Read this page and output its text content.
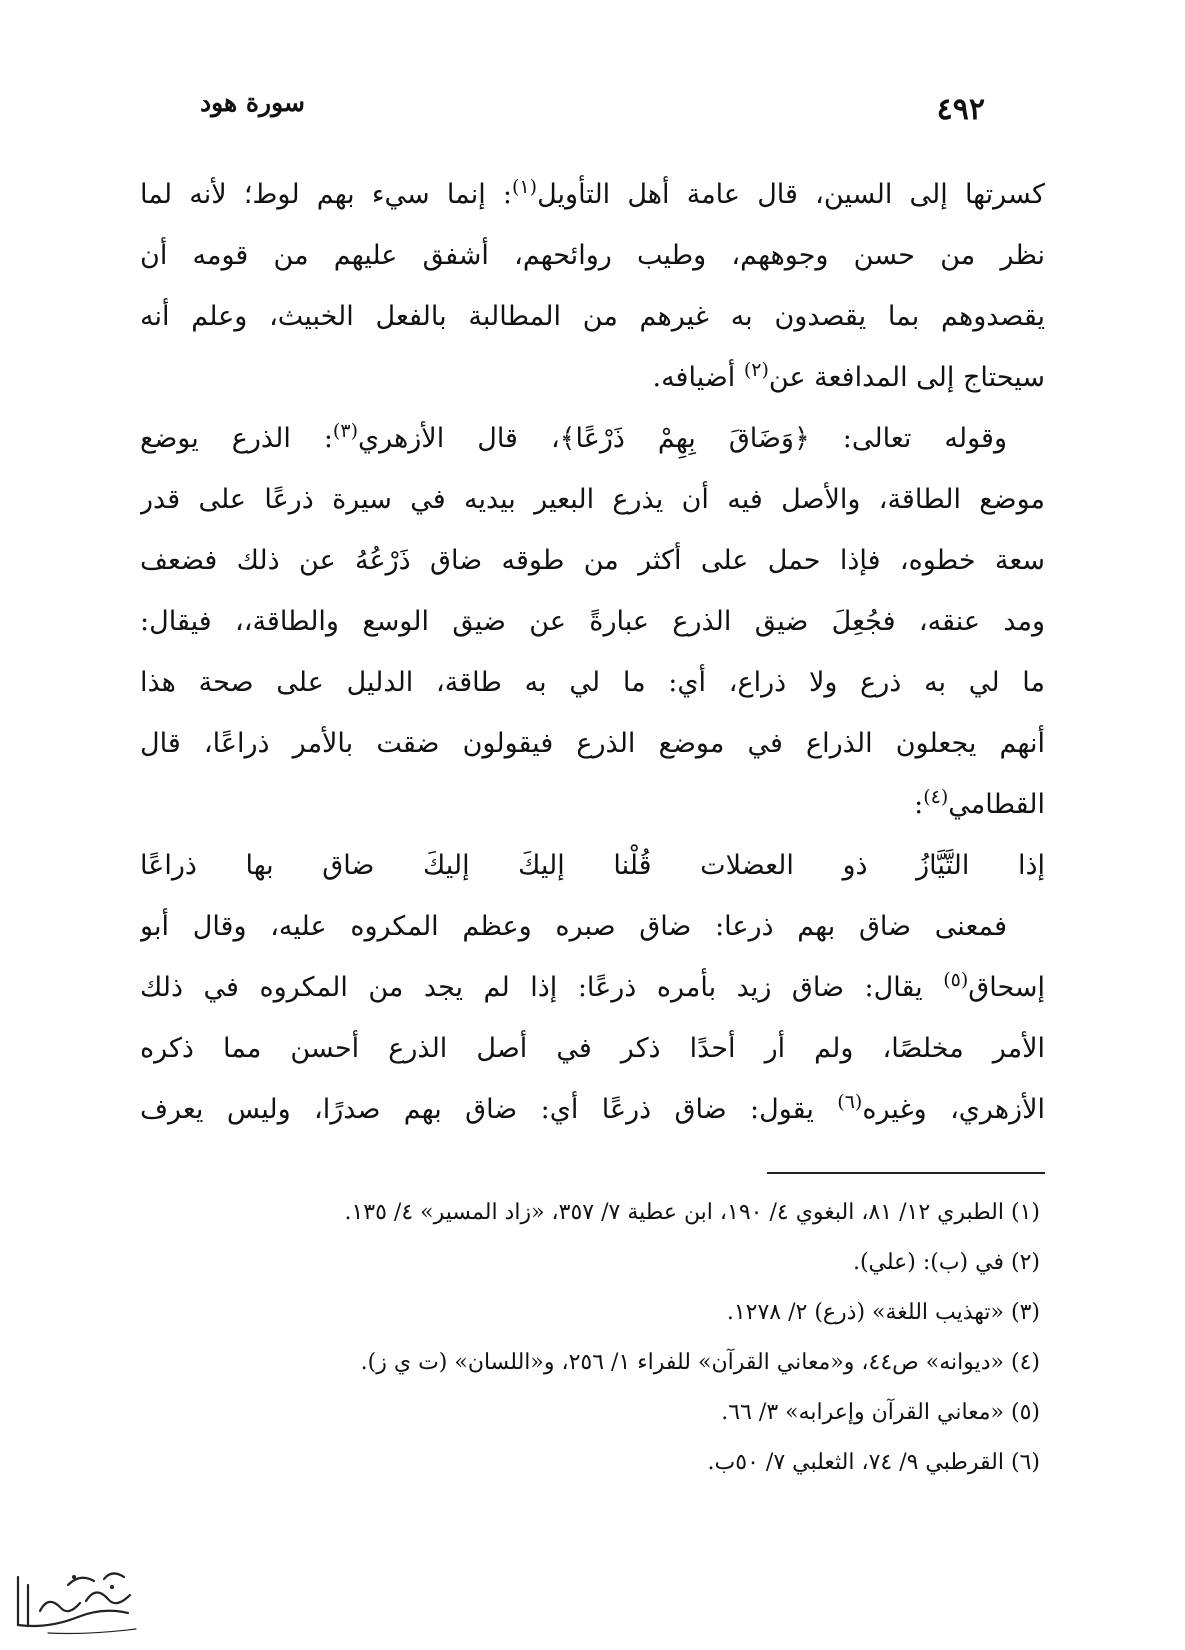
٤٩٢
سورة هود
كسرتها إلى السين، قال عامة أهل التأويل$^{(١)}$: إنما سيء بهم لوط؛ لأنه لما
نظر من حسن وجوههم، وطيب روائحهم، أشفق عليهم من قومه أن
يقصدوهم بما يقصدون به غيرهم من المطالبة بالفعل الخبيث، وعلم أنه
سيحتاج إلى المدافعة عن$^{(٢)}$ أضيافه.
وقوله تعالى: ﴿وَضَاقَ بِهِمْ ذَرْعًا﴾، قال الأزهري$^{(٣)}$: الذرع يوضع
موضع الطاقة، والأصل فيه أن يذرع البعير بيديه في سيرة ذرعًا على قدر
سعة خطوه، فإذا حمل على أكثر من طوقه ضاق ذَرْعُهُ عن ذلك فضعف
ومد عنقه، فجُعِلَ ضيق الذرع عبارةً عن ضيق الوسع والطاقة،، فيقال:
ما لي به ذرع ولا ذراع، أي: ما لي به طاقة، الدليل على صحة هذا
أنهم يجعلون الذراع في موضع الذرع فيقولون ضقت بالأمر ذراعًا، قال
القطامي$^{(٤)}$:
إذا التَّيَّازُ ذو العضلات قُلْنا إليكَ إليكَ ضاق بها ذراعًا
فمعنى ضاق بهم ذرعا: ضاق صبره وعظم المكروه عليه، وقال أبو
إسحاق$^{(٥)}$ يقال: ضاق زيد بأمره ذرعًا: إذا لم يجد من المكروه في ذلك
الأمر مخلصًا، ولم أر أحدًا ذكر في أصل الذرع أحسن مما ذكره
الأزهري، وغيره$^{(٦)}$ يقول: ضاق ذرعًا أي: ضاق بهم صدرًا، وليس يعرف
(١) الطبري ١٢/ ٨١، البغوي ٤/ ١٩٠، ابن عطية ٧/ ٣٥٧، «زاد المسير» ٤/ ١٣٥.
(٢) في (ب): (علي).
(٣) «تهذيب اللغة» (ذرع) ٢/ ١٢٧٨.
(٤) «ديوانه» ص٤٤، و«معاني القرآن» للفراء ١/ ٢٥٦، و«اللسان» (ت ي ز).
(٥) «معاني القرآن وإعرابه» ٣/ ٦٦.
(٦) القرطبي ٩/ ٧٤، الثعلبي ٧/ ٥٠ب.
